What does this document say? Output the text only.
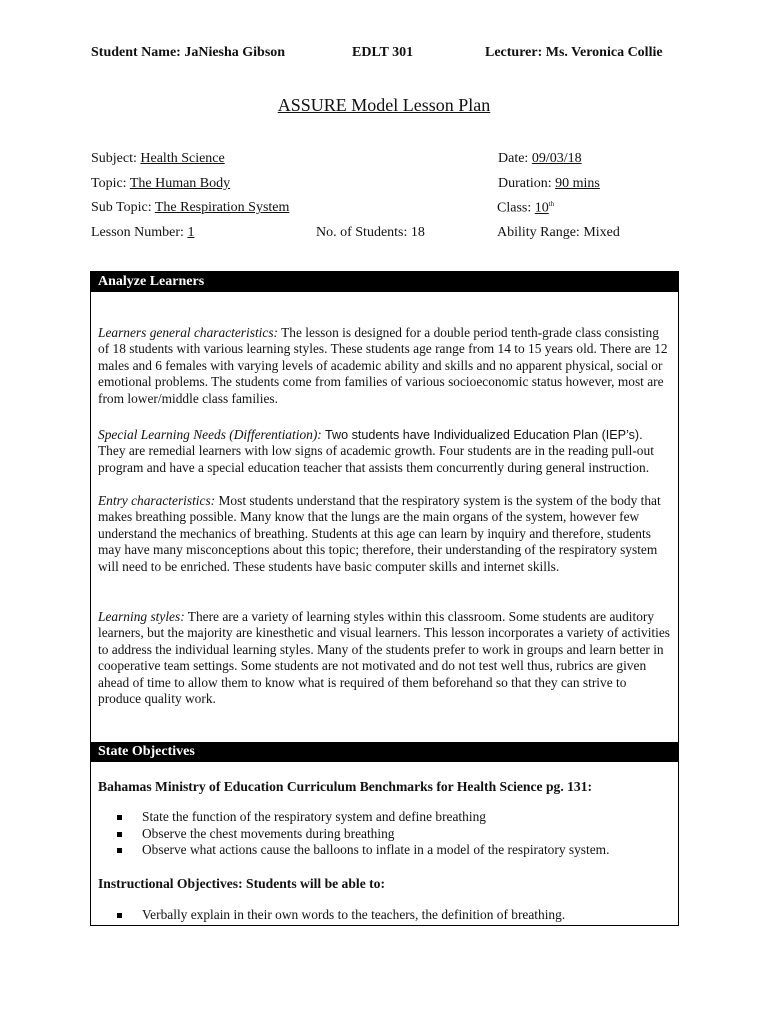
Student Name: JaNiesha Gibson	EDLT 301	Lecturer: Ms. Veronica Collie
ASSURE Model Lesson Plan
Subject: Health Science	Date: 09/03/18
Topic: The Human Body	Duration: 90 mins
Sub Topic: The Respiration System	Class: 10th
Lesson Number: 1	No. of Students: 18	Ability Range: Mixed
Analyze Learners
Learners general characteristics: The lesson is designed for a double period tenth-grade class consisting of 18 students with various learning styles. These students age range from 14 to 15 years old. There are 12 males and 6 females with varying levels of academic ability and skills and no apparent physical, social or emotional problems. The students come from families of various socioeconomic status however, most are from lower/middle class families.
Special Learning Needs (Differentiation): Two students have Individualized Education Plan (IEP’s). They are remedial learners with low signs of academic growth. Four students are in the reading pull-out program and have a special education teacher that assists them concurrently during general instruction.
Entry characteristics: Most students understand that the respiratory system is the system of the body that makes breathing possible. Many know that the lungs are the main organs of the system, however few understand the mechanics of breathing. Students at this age can learn by inquiry and therefore, students may have many misconceptions about this topic; therefore, their understanding of the respiratory system will need to be enriched. These students have basic computer skills and internet skills.
Learning styles: There are a variety of learning styles within this classroom. Some students are auditory learners, but the majority are kinesthetic and visual learners. This lesson incorporates a variety of activities to address the individual learning styles. Many of the students prefer to work in groups and learn better in cooperative team settings. Some students are not motivated and do not test well thus, rubrics are given ahead of time to allow them to know what is required of them beforehand so that they can strive to produce quality work.
State Objectives
Bahamas Ministry of Education Curriculum Benchmarks for Health Science pg. 131:
State the function of the respiratory system and define breathing
Observe the chest movements during breathing
Observe what actions cause the balloons to inflate in a model of the respiratory system.
Instructional Objectives: Students will be able to:
Verbally explain in their own words to the teachers, the definition of breathing.
